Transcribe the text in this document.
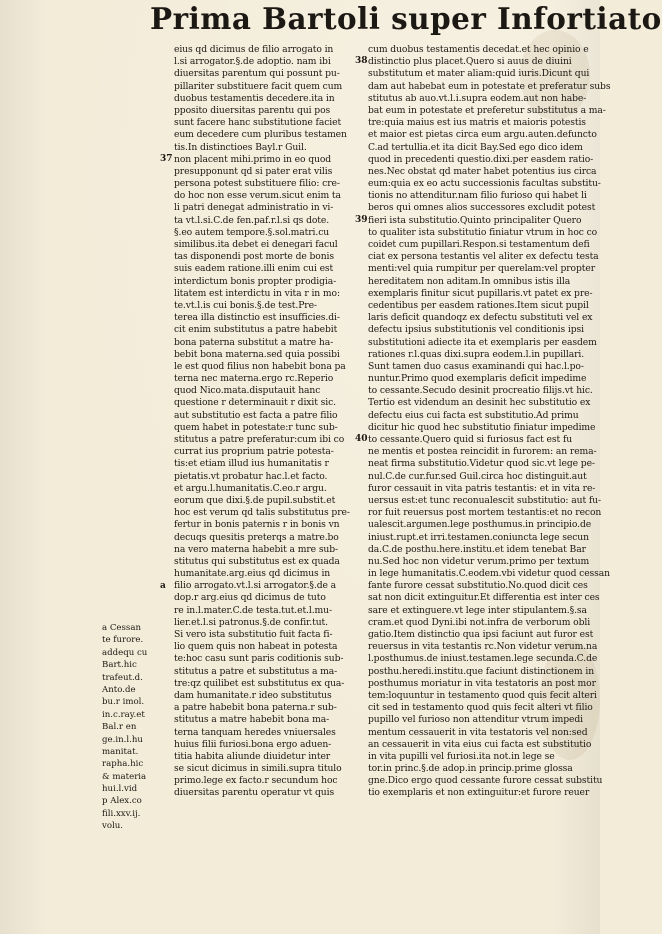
Prima Bartoli super Infortiato
eius qd dicimus de filio arrogato in
l.si arrogator.§.de adoptio. nam ibi
diuersitas parentum qui possunt pu-
pillariter substituere facit quem cum
duobus testamentis decedere.ita in
pposito diuersitas parentu qui pos
sunt facere hanc substitutione faciet
eum decedere cum pluribus testamen
tis.In distinctioes Bayl.r Guil.
non placent mihi.primo in eo quod
presupponunt qd si pater erat vilis
persona potest substituere filio: cre-
do hoc non esse verum.sicut enim ta
li patri denegat administratio in vi-
ta vt.l.si.C.de fen.paf.r.l.si qs dote.
§.eo autem tempore.§.sol.matri.cu
similibus.ita debet ei denegari facul
tas disponendi post morte de bonis
suis eadem ratione.illi enim cui est
interdictum bonis propter prodigia-
litatem est interdictu in vita r in mo:
te.vt.l.is cui bonis.§.de test.Pre-
terea illa distinctio est insufficies.di-
cit enim substitutus a patre habebit
bona paterna substitut a matre ha-
bebit bona materna.sed quia possibi
le est quod filius non habebit bona pa
terna nec materna.ergo rc.Reperio
quod Nico.mata.disputauit hanc
questione r determinauit r dixit sic.
aut substitutio est facta a patre filio
quem habet in potestate:r tunc sub-
stitutus a patre preferatur:cum ibi co
currat ius proprium patrie potesta-
tis:et etiam illud ius humanitatis r
pietatis.vt probatur hac.l.et facto.
et argu.l.humanitatis.C.eo.r argu.
eorum que dixi.§.de pupil.substit.et
hoc est verum qd talis substitutus pre-
fertur in bonis paternis r in bonis vn
decuqs quesitis preterqs a matre.bo
na vero materna habebit a mre sub-
stitutus qui substitutus est ex quada
humanitate.arg.eius qd dicimus in
filio arrogato.vt.l.si arrogator.§.de a
dop.r arg.eius qd dicimus de tuto
re in.l.mater.C.de testa.tut.et.l.mu-
lier.et.l.si patronus.§.de confir.tut.
Si vero ista substitutio fuit facta fi-
lio quem quis non habeat in potesta
te:hoc casu sunt paris coditionis sub-
stitutus a patre et substitutus a ma-
tre:qz quilibet est substitutus ex qua-
dam humanitate.r ideo substitutus
a patre habebit bona paterna.r sub-
stitutus a matre habebit bona ma-
terna tanquam heredes vniuersales
huius filii furiosi.bona ergo aduen-
titia habita aliunde diuidetur inter
se sicut dicimus in simili.supra titulo
primo.lege ex facto.r secundum hoc
diuersitas parentu operatur vt quis
cum duobus testamentis decedat.et hec opinio e
distinctio plus placet.Quero si auus de diuini
substitutum et mater aliam:quid iuris.Dicunt qui
dam aut habebat eum in potestate et preferatur subs
stitutus ab auo.vt.l.i.supra eodem.aut non habe-
bat eum in potestate et preferetur substitutus a ma-
tre:quia maius est ius matris et maioris potestis
et maior est pietas circa eum argu.auten.defuncto
C.ad tertullia.et ita dicit Bay.Sed ego dico idem
quod in precedenti questio.dixi.per easdem ratio-
nes.Nec obstat qd mater habet potentius ius circa
eum:quia ex eo actu successionis facultas substitu-
tionis no attenditur.nam filio furioso qui habet li
beros qui omnes alios successores excludit potest
fieri ista substitutio.Quinto principaliter Quero
to qualiter ista substitutio finiatur vtrum in hoc co
coidet cum pupillari.Respon.si testamentum defi
ciat ex persona testantis vel aliter ex defectu testa
menti:vel quia rumpitur per querelam:vel propter
hereditatem non aditam.In omnibus istis illa
exemplaris finitur sicut pupillaris.vt patet ex pre-
cedentibus per easdem rationes.Item sicut pupil
laris deficit quandoqz ex defectu substituti vel ex
defectu ipsius substitutionis vel conditionis ipsi
substitutioni adiecte ita et exemplaris per easdem
rationes r.l.quas dixi.supra eodem.l.in pupillari.
Sunt tamen duo casus examinandi qui hac.l.po-
nuntur.Primo quod exemplaris deficit impedime
to cessante.Secudo desinit procreatio filijs.vt hic.
Tertio est videndum an desinit hec substitutio ex
defectu eius cui facta est substitutio.Ad primu
dicitur hic quod hec substitutio finiatur impedime
to cessante.Quero quid si furiosus fact est fu
ne mentis et postea reincidit in furorem: an rema-
neat firma substitutio.Videtur quod sic.vt lege pe-
nul.C.de cur.fur.sed Guil.circa hoc distinguit.aut
furor cessauit in vita patris testantis: et in vita re-
uersus est:et tunc reconualescit substitutio: aut fu-
ror fuit reuersus post mortem testantis:et no recon
ualescit.argumen.lege posthumus.in principio.de
iniust.rupt.et irri.testamen.coniuncta lege secun
da.C.de posthu.here.institu.et idem tenebat Bar
nu.Sed hoc non videtur verum.primo per textum
in lege humanitatis.C.eodem.vbi videtur quod cessan
fante furore cessat substitutio.No.quod dicit ces
sat non dicit extinguitur.Et differentia est inter ces
sare et extinguere.vt lege inter stipulantem.§.sa
cram.et quod Dyni.ibi not.infra de verborum obli
gatio.Item distinctio qua ipsi faciunt aut furor est
reuersus in vita testantis rc.Non videtur verum.na
l.posthumus.de iniust.testamen.lege secunda.C.de
posthu.heredi.institu.que faciunt distinctionem in
posthumus moriatur in vita testatoris an post mor
tem:loquuntur in testamento quod quis fecit alteri
cit sed in testamento quod quis fecit alteri vt filio
pupillo vel furioso non attenditur vtrum impedi
mentum cessauerit in vita testatoris vel non:sed
an cessauerit in vita eius cui facta est substitutio
in vita pupilli vel furiosi.ita not.in lege se
tor.in princ.§.de adop.in princip.prime glossa
gne.Dico ergo quod cessante furore cessat substitu
tio exemplaris et non extinguitur:et furore reuer
a Cessan
te furore.
addequ cu
Bart.hic
trafeut.d.
Anto.de
bu.r imol.
in.c.ray.et
Bal.r en
ge.in.l.hu
manitat.
rapha.hic
& materia
hui.l.vid
p Alex.co
fili.xxv.ij.
volu.
37
38
39
40
a
